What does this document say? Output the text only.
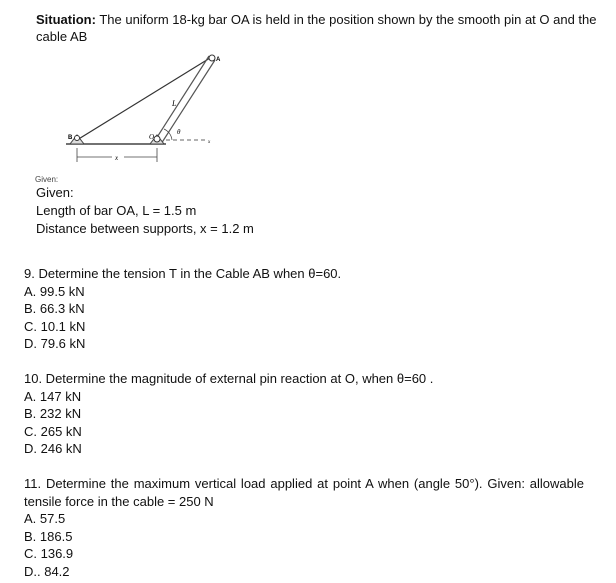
Situation: The uniform 18-kg bar OA is held in the position shown by the smooth pin at O and the cable AB
A
B	O
L
θ
x
x
Given:
Given:
Length of bar OA, L = 1.5 m
Distance between supports, x = 1.2 m
9. Determine the tension T in the Cable AB when θ=60.
A. 99.5 kN
B. 66.3 kN
C. 10.1 kN
D. 79.6 kN
10. Determine the magnitude of external pin reaction at O, when θ=60 .
A. 147 kN
B. 232 kN
C. 265 kN
D. 246 kN
11. Determine the maximum vertical load applied at point A when (angle 50°). Given: allowable tensile force in the cable = 250 N
A. 57.5
B. 186.5
C. 136.9
D.. 84.2
